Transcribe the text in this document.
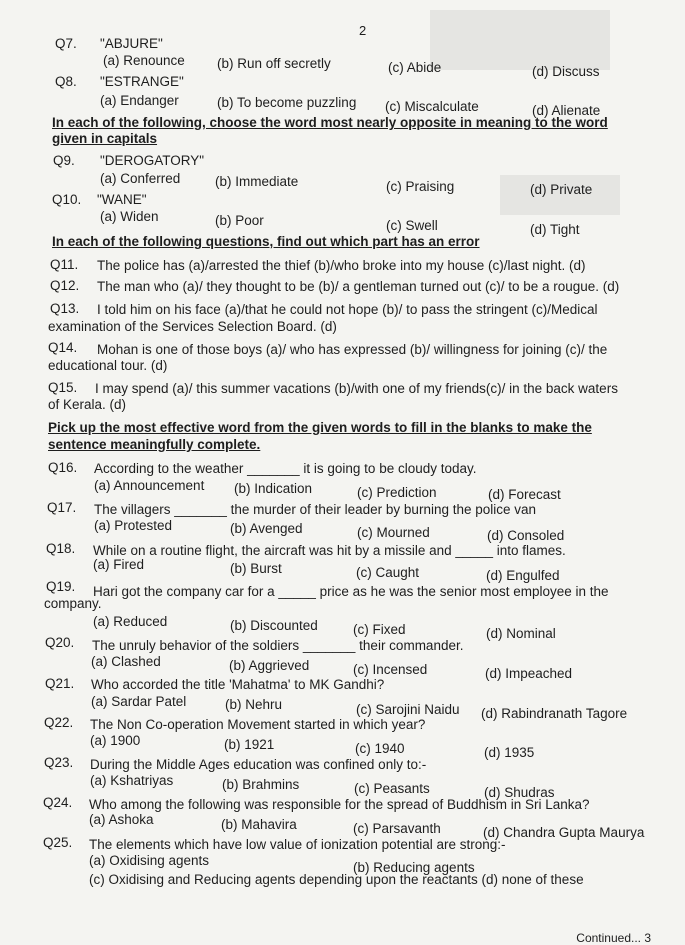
2
Q7. "ABJURE"
(a) Renounce (b) Run off secretly	(c) Abide	(d) Discuss
Q8. "ESTRANGE"
(a) Endanger	(b) To become puzzling (c) Miscalculate	(d) Alienate
In each of the following, choose the word most nearly opposite in meaning to the word
given in capitals
Q9. "DEROGATORY"
(a) Conferred	(b) Immediate	(c) Praising	(d) Private
Q10. "WANE"
(a) Widen	(b) Poor	(c) Swell	(d) Tight
In each of the following questions, find out which part has an error
Q11. The police has (a)/arrested the thief (b)/who broke into my house (c)/last night. (d)
Q12. The man who (a)/ they thought to be (b)/ a gentleman turned out (c)/ to be a rougue. (d)
Q13. I told him on his face (a)/that he could not hope (b)/ to pass the stringent (c)/Medical
examination of the Services Selection Board. (d)
Q14. Mohan is one of those boys (a)/ who has expressed (b)/ willingness for joining (c)/ the
educational tour. (d)
Q15. I may spend (a)/ this summer vacations (b)/with one of my friends(c)/ in the back waters
of Kerala. (d)
Pick up the most effective word from the given words to fill in the blanks to make the
sentence meaningfully complete.
Q16. According to the weather _______ it is going to be cloudy today.
(a) Announcement (b) Indication	(c) Prediction	(d) Forecast
Q17. The villagers _______ the murder of their leader by burning the police van
(a) Protested	(b) Avenged	(c) Mourned	(d) Consoled
Q18. While on a routine flight, the aircraft was hit by a missile and _____ into flames.
(a) Fired	(b) Burst	(c) Caught	(d) Engulfed
Q19. Hari got the company car for a _____ price as he was the senior most employee in the
company.
(a) Reduced	(b) Discounted	(c) Fixed	(d) Nominal
Q20. The unruly behavior of the soldiers _______ their commander.
(a) Clashed	(b) Aggrieved	(c) Incensed	(d) Impeached
Q21. Who accorded the title 'Mahatma' to MK Gandhi?
(a) Sardar Patel	(b) Nehru	(c) Sarojini Naidu (d) Rabindranath Tagore
Q22. The Non Co-operation Movement started in which year?
(a) 1900	(b) 1921	(c) 1940	(d) 1935
Q23. During the Middle Ages education was confined only to:-
(a) Kshatriyas	(b) Brahmins	(c) Peasants	(d) Shudras
Q24. Who among the following was responsible for the spread of Buddhism in Sri Lanka?
(a) Ashoka	(b) Mahavira	(c) Parsavanth	(d) Chandra Gupta Maurya
Q25. The elements which have low value of ionization potential are strong:-
(a) Oxidising agents	(b) Reducing agents
(c) Oxidising and Reducing agents depending upon the reactants (d) none of these
Continued... 3
